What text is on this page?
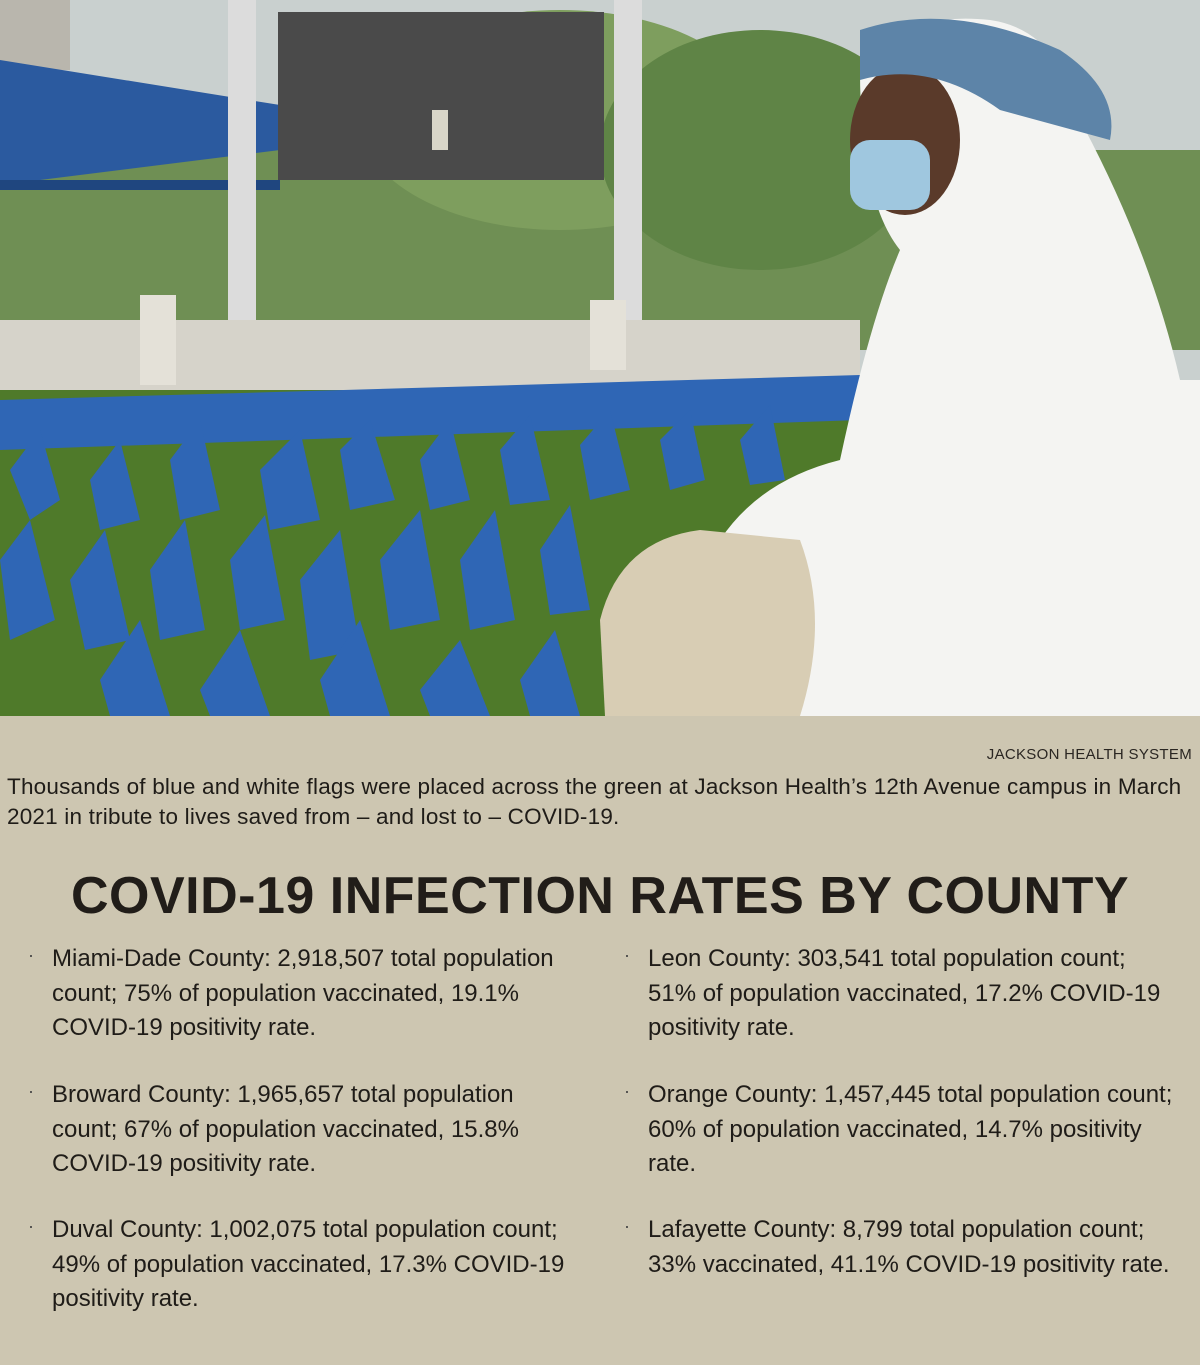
JACKSON HEALTH SYSTEM
Thousands of blue and white flags were placed across the green at Jackson Health’s 12th Avenue campus in March 2021 in tribute to lives saved from – and lost to – COVID-19.
COVID-19 INFECTION RATES BY COUNTY
· Miami-Dade County: 2,918,507 total population count; 75% of population vaccinated, 19.1% COVID-19 positivity rate.
· Broward County: 1,965,657 total population count; 67% of population vaccinated, 15.8% COVID-19 positivity rate.
· Duval County: 1,002,075 total population count; 49% of population vaccinated, 17.3% COVID-19 positivity rate.
· Leon County: 303,541 total population count; 51% of population vaccinated, 17.2% COVID-19 positivity rate.
· Orange County: 1,457,445 total population count; 60% of population vaccinated, 14.7% positivity rate.
· Lafayette County: 8,799 total population count; 33% vaccinated, 41.1% COVID-19 positivity rate.
